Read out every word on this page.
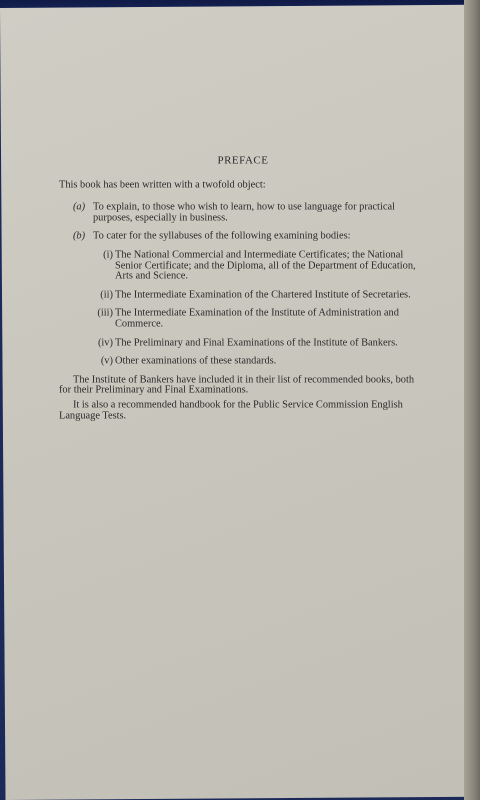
PREFACE
This book has been written with a twofold object:
(a) To explain, to those who wish to learn, how to use language for practical purposes, especially in business.
(b) To cater for the syllabuses of the following examining bodies:
(i) The National Commercial and Intermediate Certificates; the National Senior Certificate; and the Diploma, all of the Department of Education, Arts and Science.
(ii) The Intermediate Examination of the Chartered Institute of Secretaries.
(iii) The Intermediate Examination of the Institute of Administration and Commerce.
(iv) The Preliminary and Final Examinations of the Institute of Bankers.
(v) Other examinations of these standards.
The Institute of Bankers have included it in their list of recommended books, both for their Preliminary and Final Examinations.
It is also a recommended handbook for the Public Service Commission English Language Tests.
